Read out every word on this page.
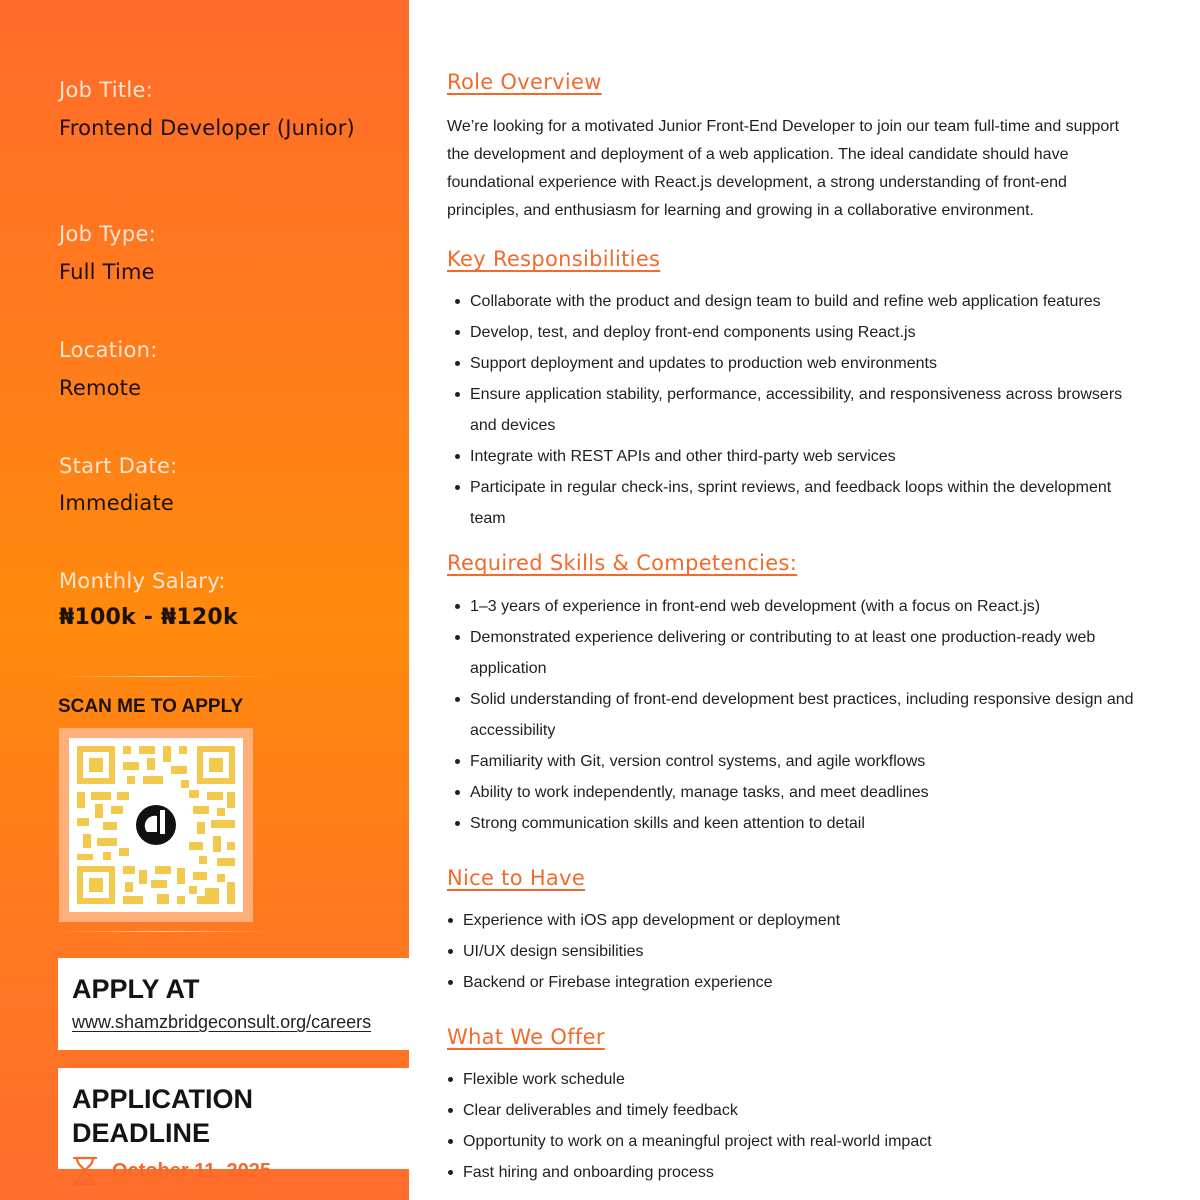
Job Title:
Frontend Developer (Junior)
Job Type:
Full Time
Location:
Remote
Start Date:
Immediate
Monthly Salary:
₦100k - ₦120k
SCAN ME TO APPLY
APPLY AT
www.shamzbridgeconsult.org/careers
APPLICATION DEADLINE
October 11, 2025
Role Overview

We’re looking for a motivated Junior Front-End Developer to join our team full-time and support the development and deployment of a web application. The ideal candidate should have foundational experience with React.js development, a strong understanding of front-end principles, and enthusiasm for learning and growing in a collaborative environment.

Key Responsibilities
Collaborate with the product and design team to build and refine web application features
Develop, test, and deploy front-end components using React.js
Support deployment and updates to production web environments
Ensure application stability, performance, accessibility, and responsiveness across browsers and devices
Integrate with REST APIs and other third-party web services
Participate in regular check-ins, sprint reviews, and feedback loops within the development team
Required Skills & Competencies:
1–3 years of experience in front-end web development (with a focus on React.js)
Demonstrated experience delivering or contributing to at least one production-ready web application
Solid understanding of front-end development best practices, including responsive design and accessibility
Familiarity with Git, version control systems, and agile workflows
Ability to work independently, manage tasks, and meet deadlines
Strong communication skills and keen attention to detail
Nice to Have
Experience with iOS app development or deployment
UI/UX design sensibilities
Backend or Firebase integration experience
What We Offer
Flexible work schedule
Clear deliverables and timely feedback
Opportunity to work on a meaningful project with real-world impact
Fast hiring and onboarding process
